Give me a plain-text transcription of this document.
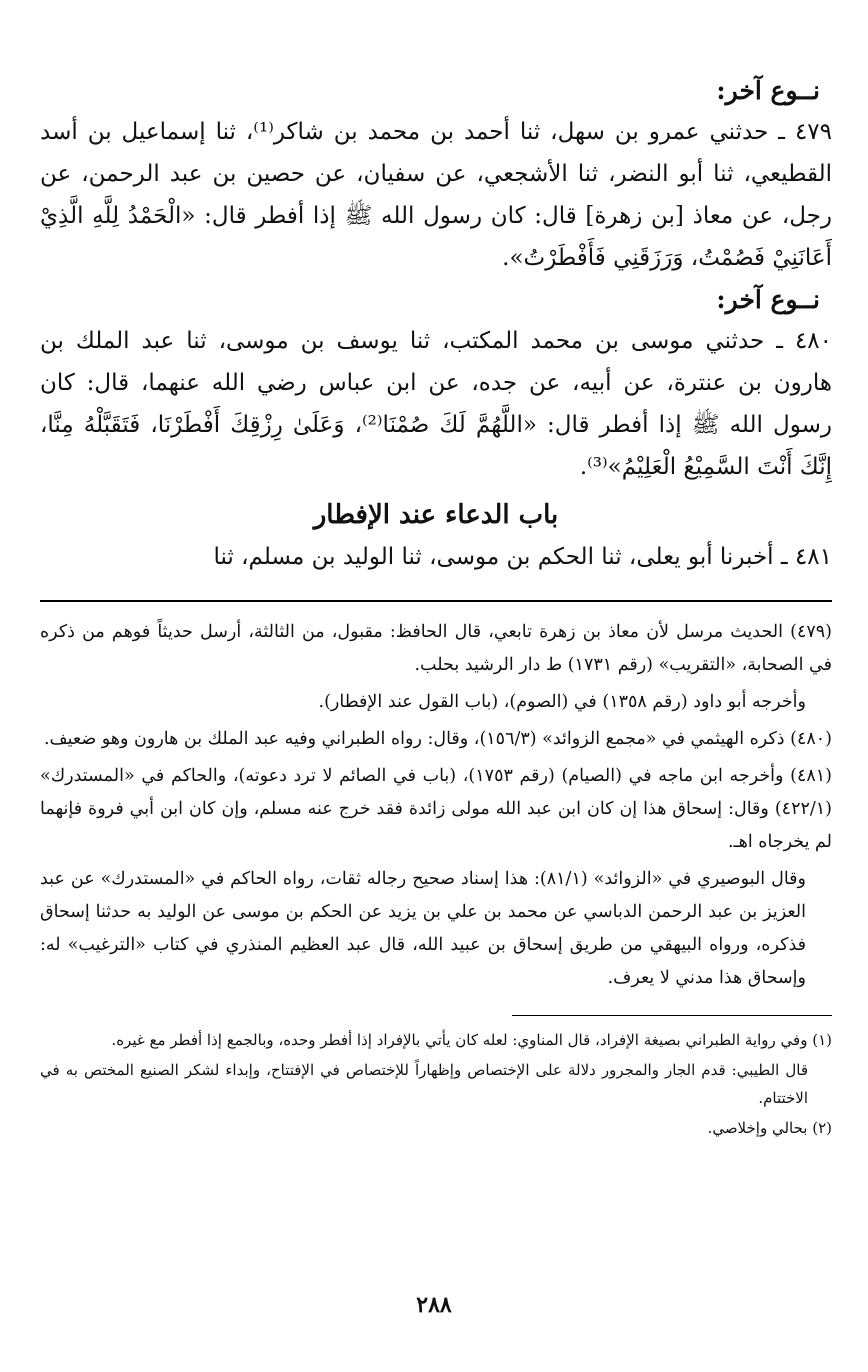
نــوع آخر:
٤٧٩ ـ حدثني عمرو بن سهل، ثنا أحمد بن محمد بن شاكر⁽¹⁾، ثنا إسماعيل بن أسد القطيعي، ثنا أبو النضر، ثنا الأشجعي، عن سفيان، عن حصين بن عبد الرحمن، عن رجل، عن معاذ [بن زهرة] قال: كان رسول الله ﷺ إذا أفطر قال: «الْحَمْدُ لِلَّهِ الَّذِيْ أَعَانَنِيْ فَصُمْتُ، وَرَزَقَنِي فَأَفْطَرْتُ».
نــوع آخر:
٤٨٠ ـ حدثني موسى بن محمد المكتب، ثنا يوسف بن موسى، ثنا عبد الملك بن هارون بن عنترة، عن أبيه، عن جده، عن ابن عباس رضي الله عنهما، قال: كان رسول الله ﷺ إذا أفطر قال: «اللَّهُمَّ لَكَ صُمْنَا⁽²⁾، وَعَلَىٰ رِزْقِكَ أَفْطَرْنَا، فَتَقَبَّلْهُ مِنَّا، إِنَّكَ أَنْتَ السَّمِيْعُ الْعَلِيْمُ»⁽³⁾.
باب الدعاء عند الإفطار
٤٨١ ـ أخبرنا أبو يعلى، ثنا الحكم بن موسى، ثنا الوليد بن مسلم، ثنا

(٤٧٩) الحديث مرسل لأن معاذ بن زهرة تابعي، قال الحافظ: مقبول، من الثالثة، أرسل حديثاً فوهم من ذكره في الصحابة، «التقريب» (رقم ١٧٣١) ط دار الرشيد بحلب.

وأخرجه أبو داود (رقم ١٣٥٨) في (الصوم)، (باب القول عند الإفطار).

(٤٨٠) ذكره الهيثمي في «مجمع الزوائد» (١٥٦/٣)، وقال: رواه الطبراني وفيه عبد الملك بن هارون وهو ضعيف.

(٤٨١) وأخرجه ابن ماجه في (الصيام) (رقم ١٧٥٣)، (باب في الصائم لا ترد دعوته)، والحاكم في «المستدرك» (٤٢٢/١) وقال: إسحاق هذا إن كان ابن عبد الله مولى زائدة فقد خرج عنه مسلم، وإن كان ابن أبي فروة فإنهما لم يخرجاه اهـ.

وقال البوصيري في «الزوائد» (٨١/١): هذا إسناد صحيح رجاله ثقات، رواه الحاكم في «المستدرك» عن عبد العزيز بن عبد الرحمن الدباسي عن محمد بن علي بن يزيد عن الحكم بن موسى عن الوليد به حدثنا إسحاق فذكره، ورواه البيهقي من طريق إسحاق بن عبيد الله، قال عبد العظيم المنذري في كتاب «الترغيب» له: وإسحاق هذا مدني لا يعرف.

(١) وفي رواية الطبراني بصيغة الإفراد، قال المناوي: لعله كان يأتي بالإفراد إذا أفطر وحده، وبالجمع إذا أفطر مع غيره.

قال الطيبي: قدم الجار والمجرور دلالة على الإختصاص وإظهاراً للإختصاص في الإفتتاح، وإبداء لشكر الصنيع المختص به في الاختتام.

(٢) بحالي وإخلاصي.

٢٨٨
